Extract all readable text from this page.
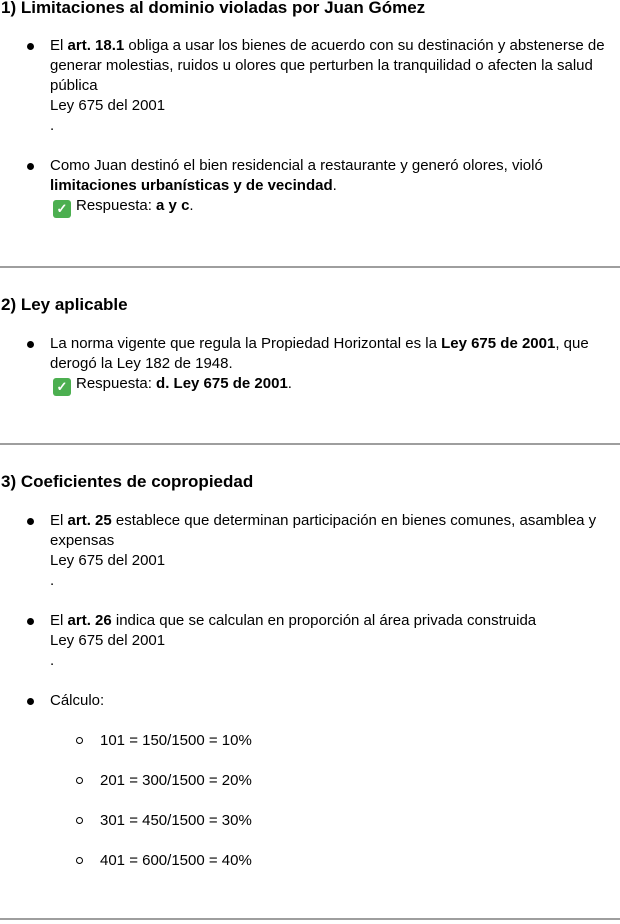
1) Limitaciones al dominio violadas por Juan Gómez
El art. 18.1 obliga a usar los bienes de acuerdo con su destinación y abstenerse de
generar molestias, ruidos u olores que perturben la tranquilidad o afecten la salud
pública
Ley 675 del 2001
.
Como Juan destinó el bien residencial a restaurante y generó olores, violó
limitaciones urbanísticas y de vecindad.
✓ Respuesta: a y c.
2) Ley aplicable
La norma vigente que regula la Propiedad Horizontal es la Ley 675 de 2001, que
derogó la Ley 182 de 1948.
✓ Respuesta: d. Ley 675 de 2001.
3) Coeficientes de copropiedad
El art. 25 establece que determinan participación en bienes comunes, asamblea y
expensas
Ley 675 del 2001
.
El art. 26 indica que se calculan en proporción al área privada construida
Ley 675 del 2001
.
Cálculo:
101 = 150/1500 = 10%
201 = 300/1500 = 20%
301 = 450/1500 = 30%
401 = 600/1500 = 40%
